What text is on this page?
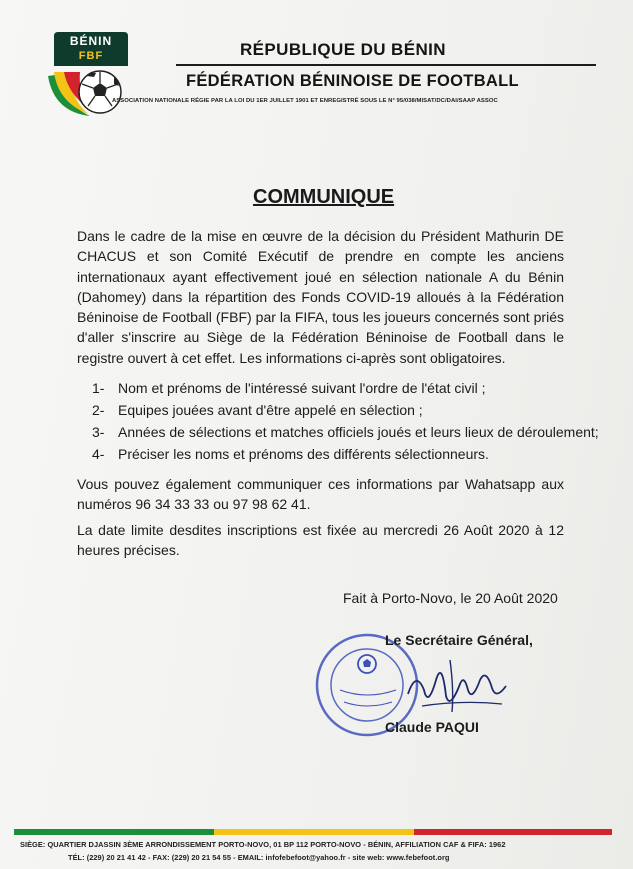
BÉNIN
FBF	RÉPUBLIQUE DU BÉNIN
FÉDÉRATION BÉNINOISE DE FOOTBALL
ASSOCIATION NATIONALE RÉGIE PAR LA LOI DU 1ER JUILLET 1901 ET ENREGISTRÉ SOUS LE N° 95/038/MISAT/DC/DAI/SAAP ASSOC
COMMUNIQUE
Dans le cadre de la mise en œuvre de la décision du Président Mathurin DE CHACUS et son Comité Exécutif de prendre en compte les anciens internationaux ayant effectivement joué en sélection nationale A du Bénin (Dahomey) dans la répartition des Fonds COVID-19 alloués à la Fédération Béninoise de Football (FBF) par la FIFA, tous les joueurs concernés sont priés d'aller s'inscrire au Siège de la Fédération Béninoise de Football dans le registre ouvert à cet effet. Les informations ci-après sont obligatoires.
1- Nom et prénoms de l'intéressé suivant l'ordre de l'état civil ;
2- Equipes jouées avant d'être appelé en sélection ;
3- Années de sélections et matches officiels joués et leurs lieux de déroulement;
4- Préciser les noms et prénoms des différents sélectionneurs.
Vous pouvez également communiquer ces informations par Wahatsapp aux numéros 96 34 33 33 ou 97 98 62 41.
La date limite desdites inscriptions est fixée au mercredi 26 Août 2020 à 12 heures précises.
Fait à Porto-Novo, le 20 Août 2020
Le Secrétaire Général,
Claude PAQUI
SIÈGE: QUARTIER DJASSIN 3ÈME ARRONDISSEMENT PORTO-NOVO, 01 BP 112 PORTO-NOVO - BÉNIN, AFFILIATION CAF & FIFA: 1962
TÉL: (229) 20 21 41 42 - FAX: (229) 20 21 54 55 - EMAIL: infofebefoot@yahoo.fr - site web: www.febefoot.org
